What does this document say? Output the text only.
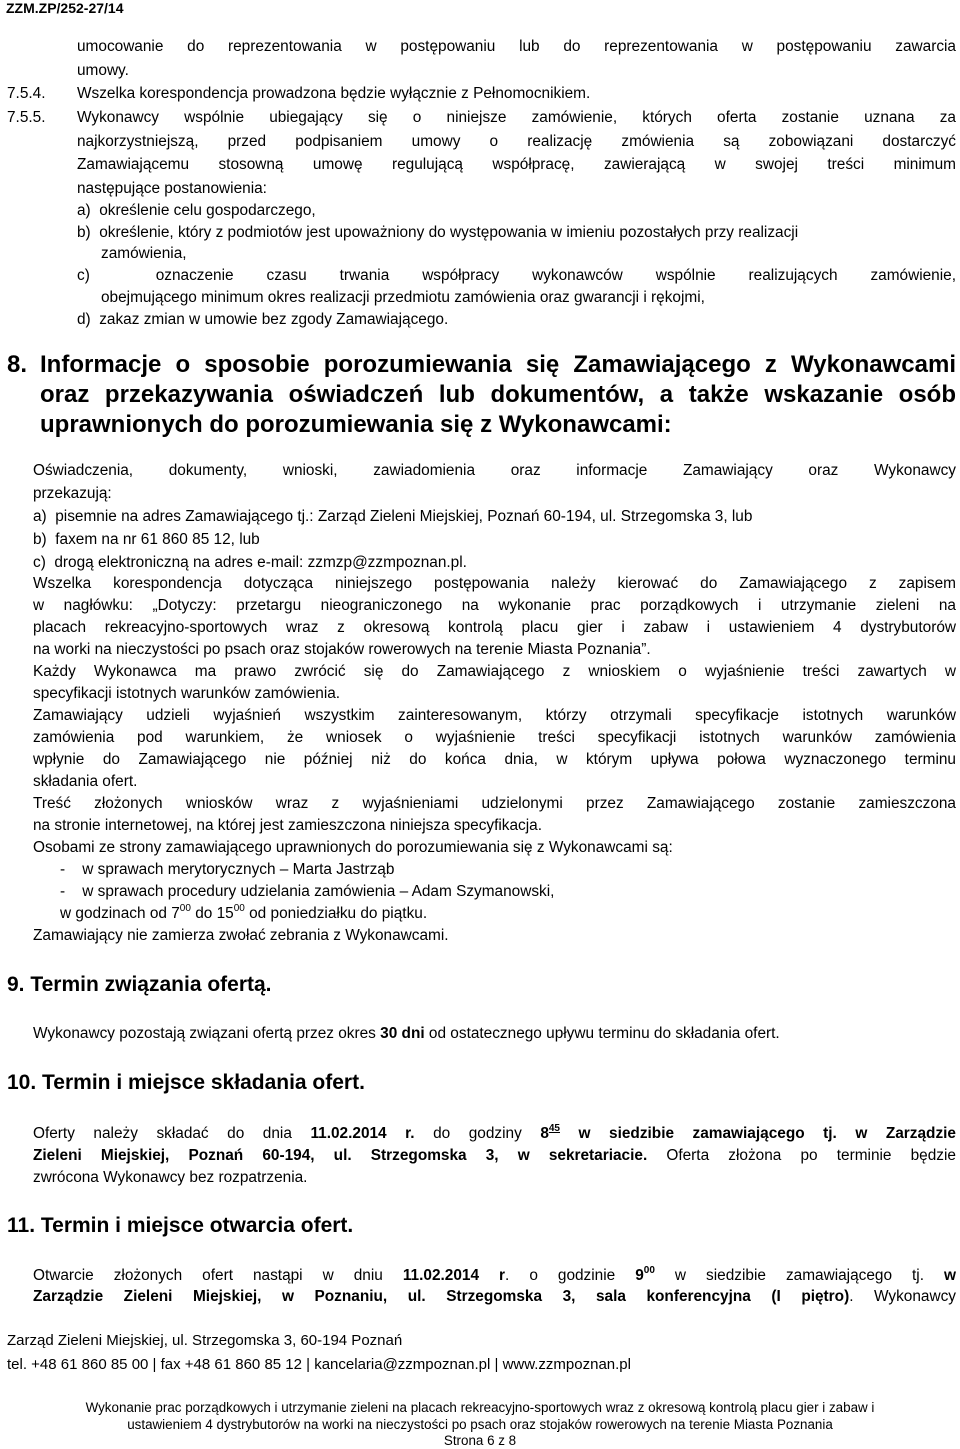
ZZM.ZP/252-27/14
umocowanie do reprezentowania w postępowaniu lub do reprezentowania w postępowaniu zawarcia
umowy.
7.5.4. Wszelka korespondencja prowadzona będzie wyłącznie z Pełnomocnikiem.
7.5.5. Wykonawcy wspólnie ubiegający się o niniejsze zamówienie, których oferta zostanie uznana za
najkorzystniejszą, przed podpisaniem umowy o realizację zmówienia są zobowiązani dostarczyć
Zamawiającemu stosowną umowę regulującą współpracę, zawierającą w swojej treści minimum
następujące postanowienia:
a)  określenie celu gospodarczego,
b)  określenie, który z podmiotów jest upoważniony do występowania w imieniu pozostałych przy realizacji
zamówienia,
c)  oznaczenie czasu trwania współpracy wykonawców wspólnie realizujących zamówienie,
obejmującego minimum okres realizacji przedmiotu zamówienia oraz gwarancji i rękojmi,
d)  zakaz zmian w umowie bez zgody Zamawiającego.
8. Informacje o sposobie porozumiewania się Zamawiającego z Wykonawcami
oraz przekazywania oświadczeń lub dokumentów, a także wskazanie osób
uprawnionych do porozumiewania się z Wykonawcami:
Oświadczenia, dokumenty, wnioski, zawiadomienia oraz informacje Zamawiający oraz Wykonawcy
przekazują:
a)  pisemnie na adres Zamawiającego tj.: Zarząd Zieleni Miejskiej, Poznań 60-194, ul. Strzegomska 3, lub
b)  faxem na nr 61 860 85 12, lub
c)  drogą elektroniczną na adres e-mail: zzmzp@zzmpoznan.pl.
Wszelka korespondencja dotycząca niniejszego postępowania należy kierować do Zamawiającego z zapisem
w nagłówku: „Dotyczy: przetargu nieograniczonego na wykonanie prac porządkowych i utrzymanie zieleni na
placach rekreacyjno-sportowych wraz z okresową kontrolą placu gier i zabaw i ustawieniem 4 dystrybutorów
na worki na nieczystości po psach oraz stojaków rowerowych na terenie Miasta Poznania”.
Każdy Wykonawca ma prawo zwrócić się do Zamawiającego z wnioskiem o wyjaśnienie treści zawartych w
specyfikacji istotnych warunków zamówienia.
Zamawiający udzieli wyjaśnień wszystkim zainteresowanym, którzy otrzymali specyfikacje istotnych warunków
zamówienia pod warunkiem, że wniosek o wyjaśnienie treści specyfikacji istotnych warunków zamówienia
wpłynie do Zamawiającego nie później niż do końca dnia, w którym upływa połowa wyznaczonego terminu
składania ofert.
Treść złożonych wniosków wraz z wyjaśnieniami udzielonymi przez Zamawiającego zostanie zamieszczona
na stronie internetowej, na której jest zamieszczona niniejsza specyfikacja.
Osobami ze strony zamawiającego uprawnionych do porozumiewania się z Wykonawcami są:
-    w sprawach merytorycznych – Marta Jastrząb
-    w sprawach procedury udzielania zamówienia – Adam Szymanowski,
w godzinach od $7^{00}$ do $15^{00}$ od poniedziałku do piątku.
Zamawiający nie zamierza zwołać zebrania z Wykonawcami.
9. Termin związania ofertą.
Wykonawcy pozostają związani ofertą przez okres 30 dni od ostatecznego upływu terminu do składania ofert.
10. Termin i miejsce składania ofert.
Oferty należy składać do dnia 11.02.2014 r. do godziny $8^{45}$ w siedzibie zamawiającego tj. w Zarządzie
Zieleni Miejskiej, Poznań 60-194, ul. Strzegomska 3, w sekretariacie. Oferta złożona po terminie będzie
zwrócona Wykonawcy bez rozpatrzenia.
11. Termin i miejsce otwarcia ofert.
Otwarcie złożonych ofert nastąpi w dniu 11.02.2014 r. o godzinie $9^{00}$ w siedzibie zamawiającego tj. w
Zarządzie Zieleni Miejskiej, w Poznaniu, ul. Strzegomska 3, sala konferencyjna (I piętro). Wykonawcy
Zarząd Zieleni Miejskiej, ul. Strzegomska 3, 60-194 Poznań
tel. +48 61 860 85 00 | fax +48 61 860 85 12 | kancelaria@zzmpoznan.pl | www.zzmpoznan.pl
Wykonanie prac porządkowych i utrzymanie zieleni na placach rekreacyjno-sportowych wraz z okresową kontrolą placu gier i zabaw i
ustawieniem 4 dystrybutorów na worki na nieczystości po psach oraz stojaków rowerowych na terenie Miasta Poznania
Strona 6 z 8
